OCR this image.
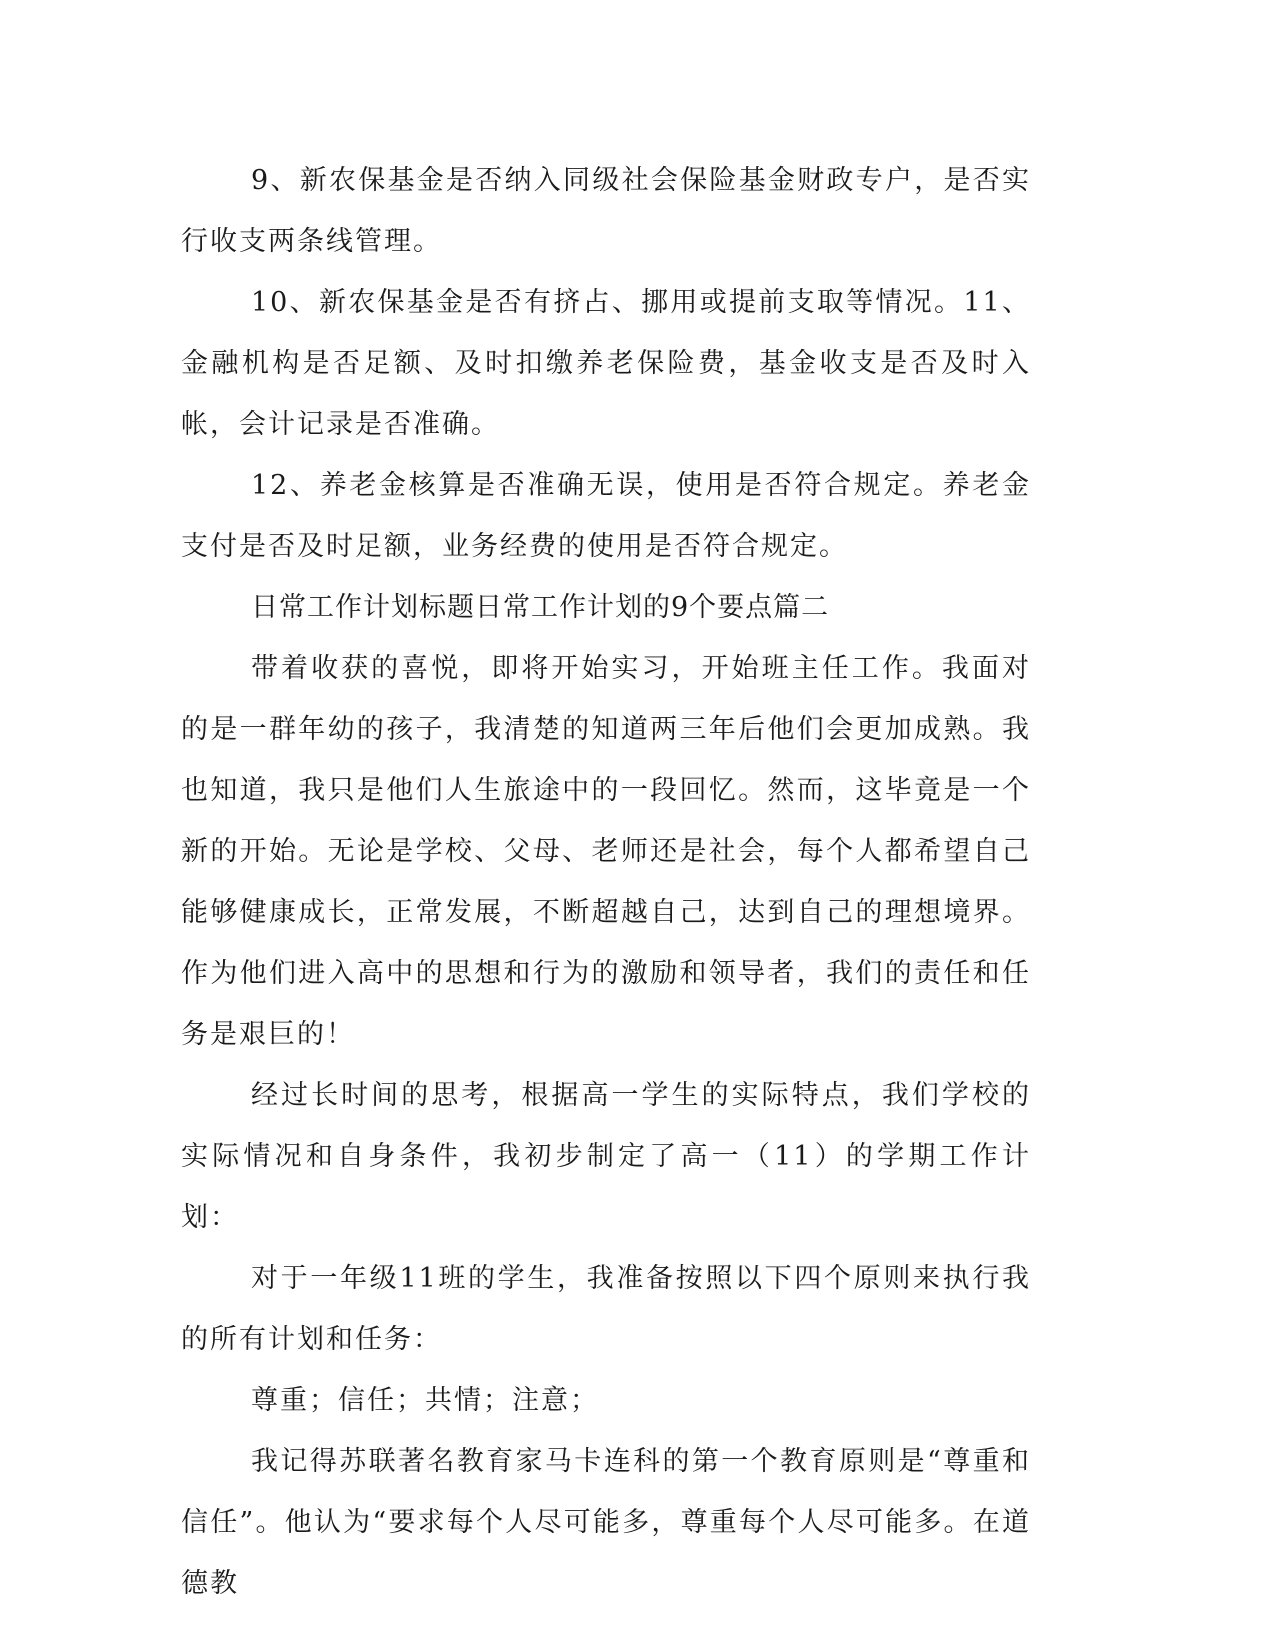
9、新农保基金是否纳入同级社会保险基金财政专户，是否实行收支两条线管理。

10、新农保基金是否有挤占、挪用或提前支取等情况。11、金融机构是否足额、及时扣缴养老保险费，基金收支是否及时入帐，会计记录是否准确。

12、养老金核算是否准确无误，使用是否符合规定。养老金支付是否及时足额，业务经费的使用是否符合规定。

日常工作计划标题日常工作计划的9个要点篇二

带着收获的喜悦，即将开始实习，开始班主任工作。我面对的是一群年幼的孩子，我清楚的知道两三年后他们会更加成熟。我也知道，我只是他们人生旅途中的一段回忆。然而，这毕竟是一个新的开始。无论是学校、父母、老师还是社会，每个人都希望自己能够健康成长，正常发展，不断超越自己，达到自己的理想境界。作为他们进入高中的思想和行为的激励和领导者，我们的责任和任务是艰巨的！

经过长时间的思考，根据高一学生的实际特点，我们学校的实际情况和自身条件，我初步制定了高一（11）的学期工作计划：

对于一年级11班的学生，我准备按照以下四个原则来执行我的所有计划和任务：

尊重；信任；共情；注意；

我记得苏联著名教育家马卡连科的第一个教育原则是“尊重和信任”。他认为“要求每个人尽可能多，尊重每个人尽可能多。在道德教
